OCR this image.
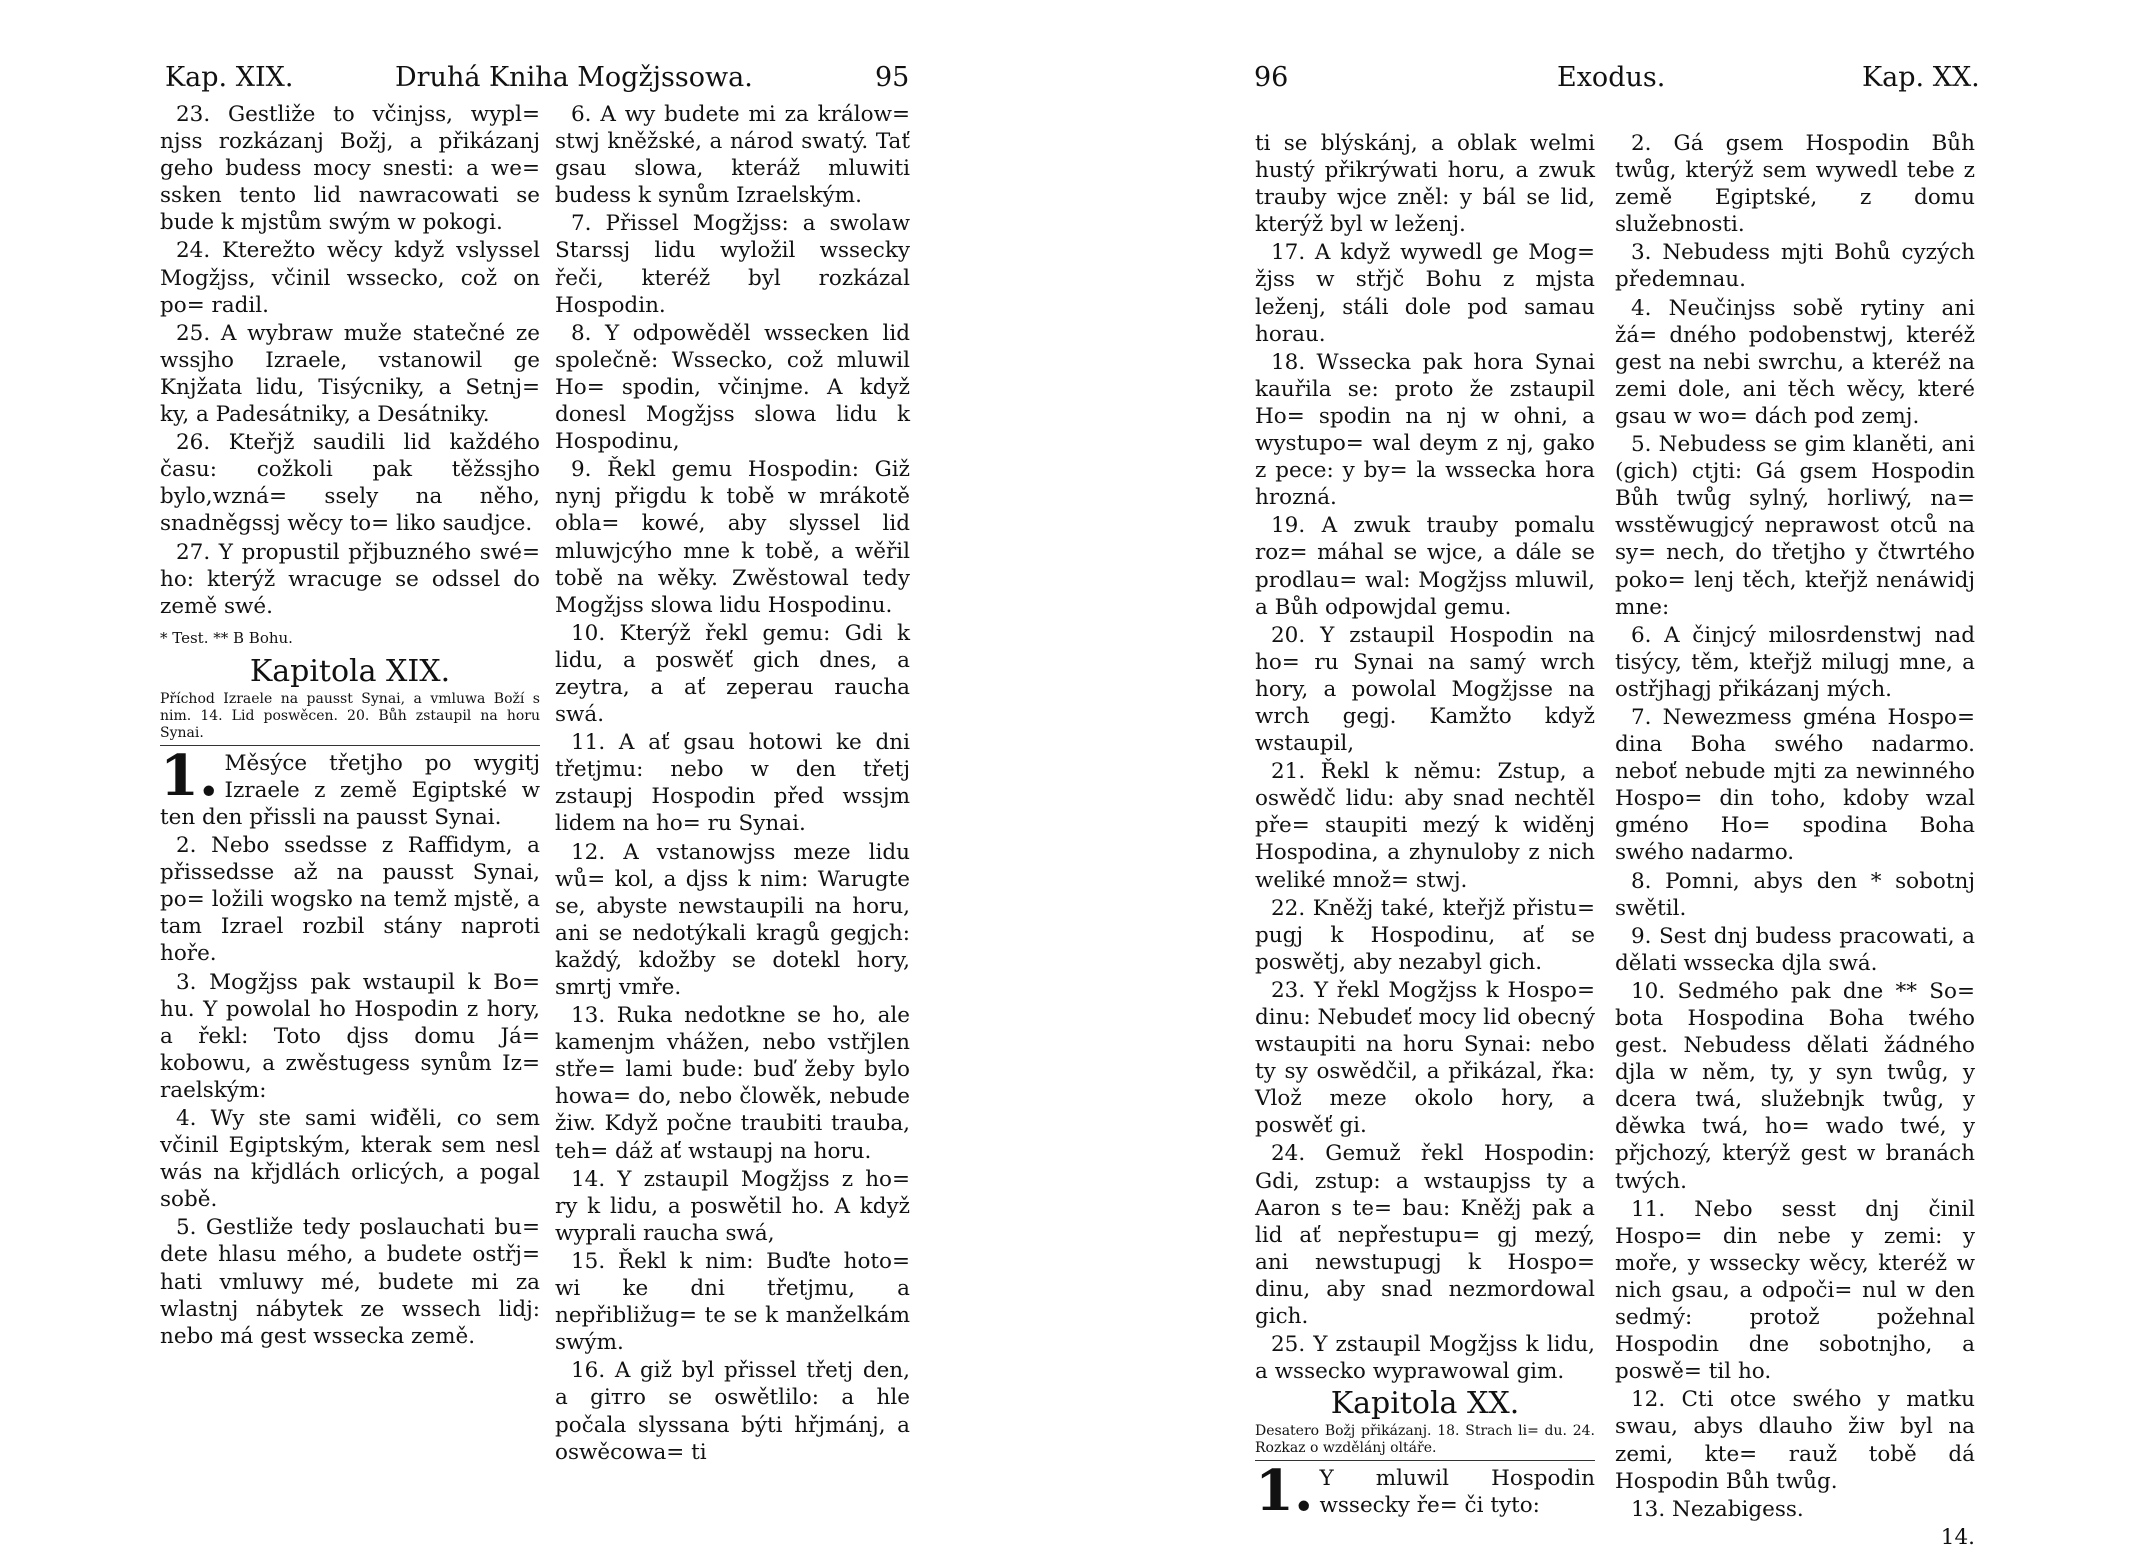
Kap. XIX.	Druhá Kniha Mogžjssowa.	95

23. Gestliže to včinjss, wypl= njss rozkázanj Božj, a přikázanj geho budess mocy snesti: a we= ssken tento lid nawracowati se bude k mjstům swým w pokogi.

24. Kterežto wěcy když vslyssel Mogžjss, včinil wssecko, což on po= radil.

25. A wybraw muže statečné ze wssjho Izraele, vstanowil ge Knjžata lidu, Tisýcniky, a Setnj= ky, a Padesátniky, a Desátniky.

26. Kteřjž saudili lid každého času: cožkoli pak těžssjho bylo,wzná= ssely na něho, snadněgssj wěcy to= liko saudjce.

27. Y propustil přjbuzného swé= ho: kterýž wracuge se odssel do země swé.

* Test. ** B Bohu.

Kapitola XIX.

Příchod Izraele na pausst Synai, a vmluwa Boží s nim. 14. Lid poswěcen. 20. Bůh zstaupil na horu Synai.

1. Měsýce třetjho po wygitj Izraele z země Egiptské w ten den přissli na pausst Synai.

2. Nebo ssedsse z Raffidym, a přissedsse až na pausst Synai, po= ložili wogsko na temž mjstě, a tam Izrael rozbil stány naproti hoře.

3. Mogžjss pak wstaupil k Bo= hu. Y powolal ho Hospodin z hory, a řekl: Toto djss domu Já= kobowu, a zwěstugess synům Iz= raelským:

4. Wy ste sami wiđěli, co sem včinil Egiptským, kterak sem nesl wás na křjdlách orlicých, a pogal sobě.

5. Gestliže tedy poslauchati bu= dete hlasu mého, a budete ostřj= hati vmluwy mé, budete mi za wlastnj nábytek ze wssech lidj: nebo má gest wssecka země.

6. A wy budete mi za králow= stwj kněžské, a národ swatý. Tať gsau slowa, kteráž mluwiti budess k synům Izraelským.

7. Přissel Mogžjss: a swolaw Starssj lidu wyložil wssecky řeči, kteréž byl rozkázal Hospodin.

8. Y odpowěděl wssecken lid společně: Wssecko, což mluwil Ho= spodin, včinjme. A když donesl Mogžjss slowa lidu k Hospodinu,

9. Řekl gemu Hospodin: Giž nynj přigdu k tobě w mrákotě obla= kowé, aby slyssel lid mluwjcýho mne k tobě, a wěřil tobě na wěky. Zwěstowal tedy Mogžjss slowa lidu Hospodinu.

10. Kterýž řekl gemu: Gdi k lidu, a poswěť gich dnes, a zeytra, a ať zeperau raucha swá.

11. A ať gsau hotowi ke dni třetjmu: nebo w den třetj zstaupj Hospodin před wssjm lidem na ho= ru Synai.

12. A vstanowjss meze lidu wů= kol, a djss k nim: Warugte se, abyste newstaupili na horu, ani se nedotýkali kragů gegjch: každý, kdožby se dotekl hory, smrtj vmře.

13. Ruka nedotkne se ho, ale kamenjm vhážen, nebo vstřjlen stře= lami bude: buď žeby bylo howa= do, nebo člowěk, nebude žiw. Když počne traubiti trauba, teh= dáž ať wstaupj na horu.

14. Y zstaupil Mogžjss z ho= ry k lidu, a poswětil ho. A když wyprali raucha swá,

15. Řekl k nim: Buďte hoto= wi ke dni třetjmu, a nepřibližug= te se k manželkám swým.

16. A giž byl přissel třetj den, a giтro se oswětlilo: a hle počala slyssana býti hřjmánj, a oswěcowa= ti

96	Exodus.	Kap. XX.

ti se blýskánj, a oblak welmi hustý přikrýwati horu, a zwuk trauby wjce zněl: y bál se lid, kterýž byl w leženj.

17. A když wywedl ge Mog= žjss w střjč Bohu z mjsta leženj, stáli dole pod samau horau.

18. Wssecka pak hora Synai kauřila se: proto že zstaupil Ho= spodin na nj w ohni, a wystupo= wal deym z nj, gako z pece: y by= la wssecka hora hrozná.

19. A zwuk trauby pomalu roz= máhal se wjce, a dále se prodlau= wal: Mogžjss mluwil, a Bůh odpowjdal gemu.

20. Y zstaupil Hospodin na ho= ru Synai na samý wrch hory, a powolal Mogžjsse na wrch gegj. Kamžto když wstaupil,

21. Řekl k němu: Zstup, a oswědč lidu: aby snad nechtěl pře= staupiti mezý k widěnj Hospodina, a zhynuloby z nich weliké množ= stwj.

22. Kněžj také, kteřjž přistu= pugj k Hospodinu, ať se poswětj, aby nezabyl gich.

23. Y řekl Mogžjss k Hospo= dinu: Nebudeť mocy lid obecný wstaupiti na horu Synai: nebo ty sy oswědčil, a přikázal, řka: Vlož meze okolo hory, a poswěť gi.

24. Gemuž řekl Hospodin: Gdi, zstup: a wstaupjss ty a Aaron s te= bau: Kněžj pak a lid ať nepřestupu= gj mezý, ani newstupugj k Hospo= dinu, aby snad nezmordowal gich.

25. Y zstaupil Mogžjss k lidu, a wssecko wyprawowal gim.

Kapitola XX.

Desatero Božj přikázanj. 18. Strach li= du. 24. Rozkaz o wzdělánj oltáře.

1. Y mluwil Hospodin wssecky ře= či tyto:

2. Gá gsem Hospodin Bůh twůg, kterýž sem wywedl tebe z země Egiptské, z domu služebnosti.

3. Nebudess mjti Bohů cyzých předemnau.

4. Neučinjss sobě rytiny ani žá= dného podobenstwj, kteréž gest na nebi swrchu, a kteréž na zemi dole, ani těch wěcy, které gsau w wo= dách pod zemj.

5. Nebudess se gim klaněti, ani (gich) ctjti: Gá gsem Hospodin Bůh twůg sylný, horliwý, na= wsstěwugjcý neprawost otců na sy= nech, do třetjho y čtwrtého poko= lenj těch, kteřjž nenáwidj mne:

6. A činjcý milosrdenstwj nad tisýcy, těm, kteřjž milugj mne, a ostřjhagj přikázanj mých.

7. Newezmess gména Hospo= dina Boha swého nadarmo. neboť nebude mjti za newinného Hospo= din toho, kdoby wzal gméno Ho= spodina Boha swého nadarmo.

8. Pomni, abys den * sobotnj swětil.

9. Sest dnj budess pracowati, a dělati wssecka djla swá.

10. Sedmého pak dne ** So= bota Hospodina Boha twého gest. Nebudess dělati žádného djla w něm, ty, y syn twůg, y dcera twá, služebnjk twůg, y děwka twá, ho= wado twé, y přjchozý, kterýž gest w branách twých.

11. Nebo sesst dnj činil Hospo= din nebe y zemi: y moře, y wssecky wěcy, kteréž w nich gsau, a odpoči= nul w den sedmý: protož požehnal Hospodin dne sobotnjho, a poswě= til ho.

12. Cti otce swého y matku swau, abys dlauho žiw byl na zemi, kte= rauž tobě dá Hospodin Bůh twůg.

13. Nezabigess.

14.
